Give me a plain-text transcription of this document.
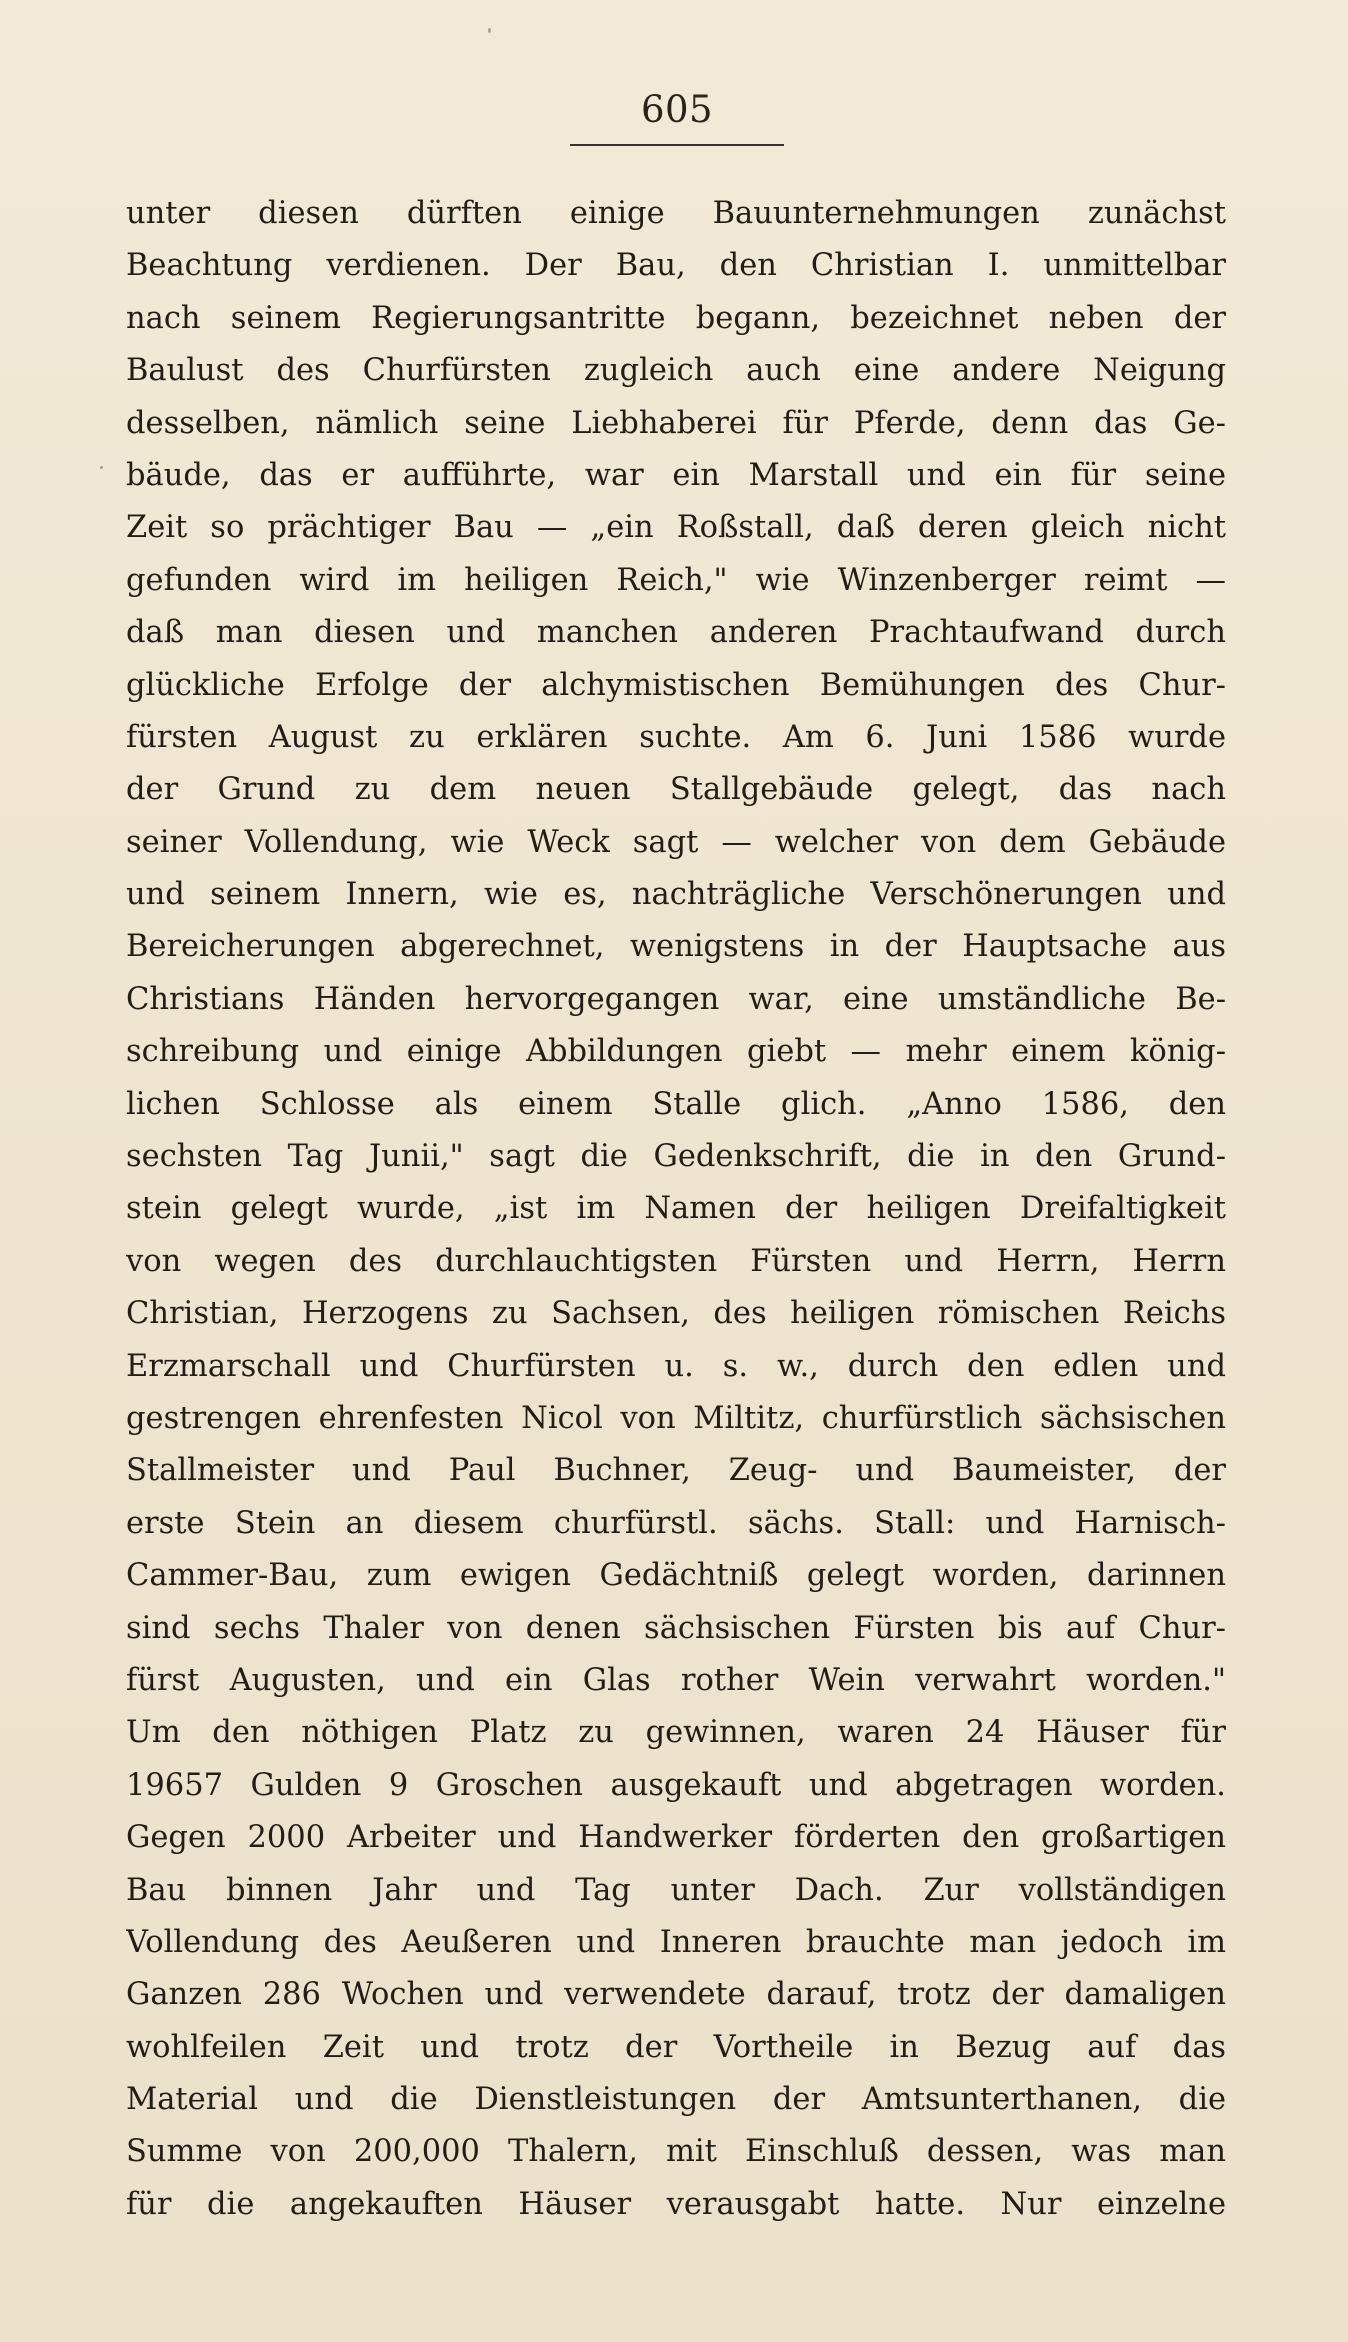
605
unter diesen dürften einige Bauunternehmungen zunächst
Beachtung verdienen. Der Bau, den Christian I. unmittelbar
nach seinem Regierungsantritte begann, bezeichnet neben der
Baulust des Churfürsten zugleich auch eine andere Neigung
desselben, nämlich seine Liebhaberei für Pferde, denn das Ge-
bäude, das er aufführte, war ein Marstall und ein für seine
Zeit so prächtiger Bau — „ein Roßstall, daß deren gleich nicht
gefunden wird im heiligen Reich," wie Winzenberger reimt —
daß man diesen und manchen anderen Prachtaufwand durch
glückliche Erfolge der alchymistischen Bemühungen des Chur-
fürsten August zu erklären suchte. Am 6. Juni 1586 wurde
der Grund zu dem neuen Stallgebäude gelegt, das nach
seiner Vollendung, wie Weck sagt — welcher von dem Gebäude
und seinem Innern, wie es, nachträgliche Verschönerungen und
Bereicherungen abgerechnet, wenigstens in der Hauptsache aus
Christians Händen hervorgegangen war, eine umständliche Be-
schreibung und einige Abbildungen giebt — mehr einem könig-
lichen Schlosse als einem Stalle glich. „Anno 1586, den
sechsten Tag Junii," sagt die Gedenkschrift, die in den Grund-
stein gelegt wurde, „ist im Namen der heiligen Dreifaltigkeit
von wegen des durchlauchtigsten Fürsten und Herrn, Herrn
Christian, Herzogens zu Sachsen, des heiligen römischen Reichs
Erzmarschall und Churfürsten u. s. w., durch den edlen und
gestrengen ehrenfesten Nicol von Miltitz, churfürstlich sächsischen
Stallmeister und Paul Buchner, Zeug- und Baumeister, der
erste Stein an diesem churfürstl. sächs. Stall: und Harnisch-
Cammer-Bau, zum ewigen Gedächtniß gelegt worden, darinnen
sind sechs Thaler von denen sächsischen Fürsten bis auf Chur-
fürst Augusten, und ein Glas rother Wein verwahrt worden."
Um den nöthigen Platz zu gewinnen, waren 24 Häuser für
19657 Gulden 9 Groschen ausgekauft und abgetragen worden.
Gegen 2000 Arbeiter und Handwerker förderten den großartigen
Bau binnen Jahr und Tag unter Dach. Zur vollständigen
Vollendung des Aeußeren und Inneren brauchte man jedoch im
Ganzen 286 Wochen und verwendete darauf, trotz der damaligen
wohlfeilen Zeit und trotz der Vortheile in Bezug auf das
Material und die Dienstleistungen der Amtsunterthanen, die
Summe von 200,000 Thalern, mit Einschluß dessen, was man
für die angekauften Häuser verausgabt hatte. Nur einzelne
